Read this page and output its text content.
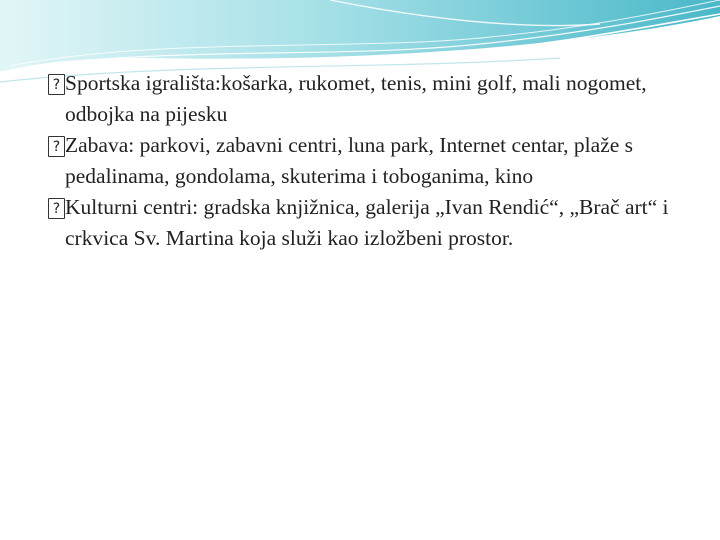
? Sportska igrališta:košarka, rukomet, tenis, mini golf, mali nogomet, odbojka na pijesku
? Zabava: parkovi, zabavni centri, luna park, Internet centar, plaže s pedalinama, gondolama, skuterima i toboganima, kino
? Kulturni centri: gradska knjižnica, galerija „Ivan Rendić“, „Brač art“ i crkvica Sv. Martina koja služi kao izložbeni prostor.
